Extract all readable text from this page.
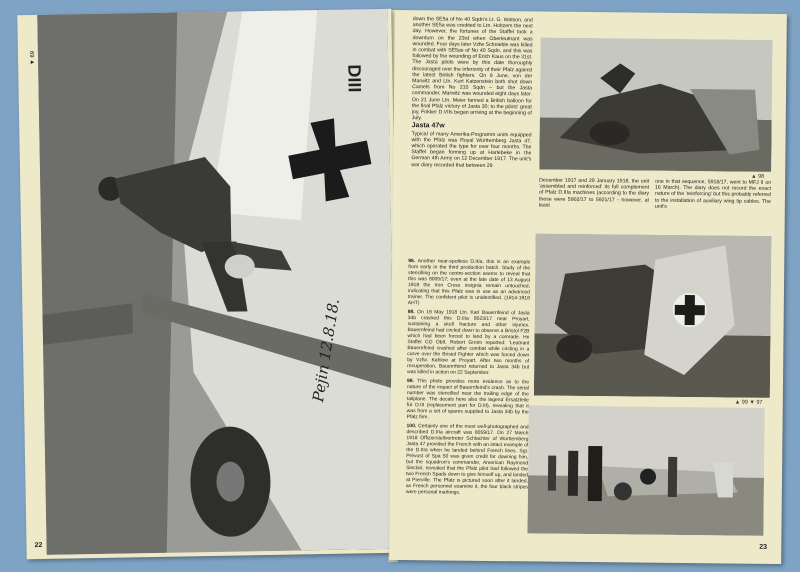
DIII
Pejin 12.8.18.
▼ 69
22

down the SE5a of No 40 Sqdn's Lt. G. Watson, and another SE5a was credited to Ltn. Holtzem the next day. However, the fortunes of the Staffel took a downturn on the 23rd when Oberleutnant was wounded. Four days later Vzfw Schnieble was killed in combat with SE5as of No 40 Sqdn, and this was followed by the wounding of Erich Kaus on the 31st. The Jasta pilots were by this date thoroughly discouraged over the inferiority of their Pfalz against the latest British fighters. On 9 June, von der Marwitz and Ltn. Kurt Katzenstein both shot down Camels from No 210 Sqdn – but the Jasta commander, Marwitz was wounded eight days later. On 21 June Ltn. Meier fanned a British balloon for the final Pfalz victory of Jasta 30; to the pilots' great joy, Fokker D.VIIs began arriving at the beginning of July.

Jasta 47w

Typical of many Amerika-Programm units equipped with the Pfalz was Royal Württemberg Jasta 47, which operated the type for over four months. The Staffel began forming up at Harlebeke in the German 4th Army on 12 December 1917. The unit's war diary recorded that between 29

▲ 98

December 1917 and 29 January 1918, the unit 'assembled and reinforced' its full complement of Pfalz D.IIIa machines (according to the diary these were 5902/17 to 5921/17 - however, at least

one in that sequence, 5918/17, went to MFJ II on 16 March). The diary does not record the exact nature of the 'reinforcing' but this probably referred to the installation of auxiliary wing tip cables. The unit's

▲ 99 ▼ 97

96. Another near-spotless D.IIIa, this is an example from early in the third production batch. Study of the stencilling on the centre-section seems to reveal that this was 8005/17; even at the late date of 13 August 1918 the Iron Cross insignia remain untouched, indicating that this Pfalz was in use as an advanced trainer. The confident pilot is unidentified. (1914-1918 AHT)

98. On 19 May 1918 Ltn. Karl Bauernfeind of Jasta 34b crashed this D.IIIa 8023/17 near Proyart, sustaining a skull fracture and other injuries. Bauernfeind had circled down to observe a Bristol F2B which had been forced to land by a comrade. He Staffel CO Oblt. Robert Greim reported: 'Leutnant Bauernfeind crashed after combat while circling in a curve over the Bristol Fighter which was forced down by Vzfw. Kahlow at Proyart. After two months of recuperation, Bauernfeind returned to Jasta 34b but was killed in action on 22 September.

99. This photo provides more evidence as to the nature of the impact of Bauernfeind's crash. The serial number was stencilled near the trailing edge of the tailplane. The decals here also the legend Ersatzteile für D.III (replacement part for D.III), revealing that it was from a set of spares supplied to Jasta 34b by the Pfalz firm.

100. Certainly one of the most well-photographed and described D.IIIa aircraft was 8059/17. On 27 March 1918 Offizierstellvertreter Schlachter of Württemberg Jasta 47 provided the French with an intact example of the D.IIIa when he landed behind French lines. Sgt. Prévost of Spa 50 was given credit for downing him, but the squadron's commander, American Raymond Sinclair, revealed that the Pfalz pilot had followed the two French Spads down to give himself up, and landed at Pierville. The Pfalz is pictured soon after it landed, as French personnel examine it, the four black stripes were personal markings.

23
